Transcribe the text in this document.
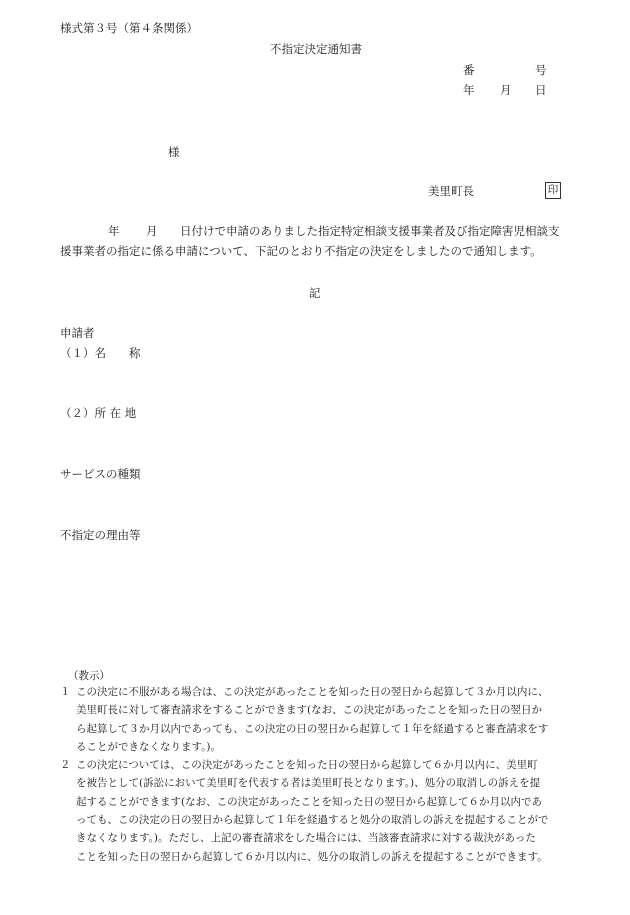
様式第３号（第４条関係）
不指定決定通知書
番	号
年 月 日
様
美里町長	印
年 月 日付けで申請のありました指定特定相談支援事業者及び指定障害児相談支
援事業者の指定に係る申請について、下記のとおり不指定の決定をしましたので通知します。
記
申請者
（１）名　　称
（２）所 在 地
サービスの種類
不指定の理由等
（教示）
１ この決定に不服がある場合は、この決定があったことを知った日の翌日から起算して３か月以内に、
美里町長に対して審査請求をすることができます(なお、この決定があったことを知った日の翌日か
ら起算して３か月以内であっても、この決定の日の翌日から起算して１年を経過すると審査請求をす
ることができなくなります。)。
２ この決定については、この決定があったことを知った日の翌日から起算して６か月以内に、美里町
を被告として(訴訟において美里町を代表する者は美里町長となります。)、処分の取消しの訴えを提
起することができます(なお、この決定があったことを知った日の翌日から起算して６か月以内であ
っても、この決定の日の翌日から起算して１年を経過すると処分の取消しの訴えを提起することがで
きなくなります。)。ただし、上記の審査請求をした場合には、当該審査請求に対する裁決があった
ことを知った日の翌日から起算して６か月以内に、処分の取消しの訴えを提起することができます。
